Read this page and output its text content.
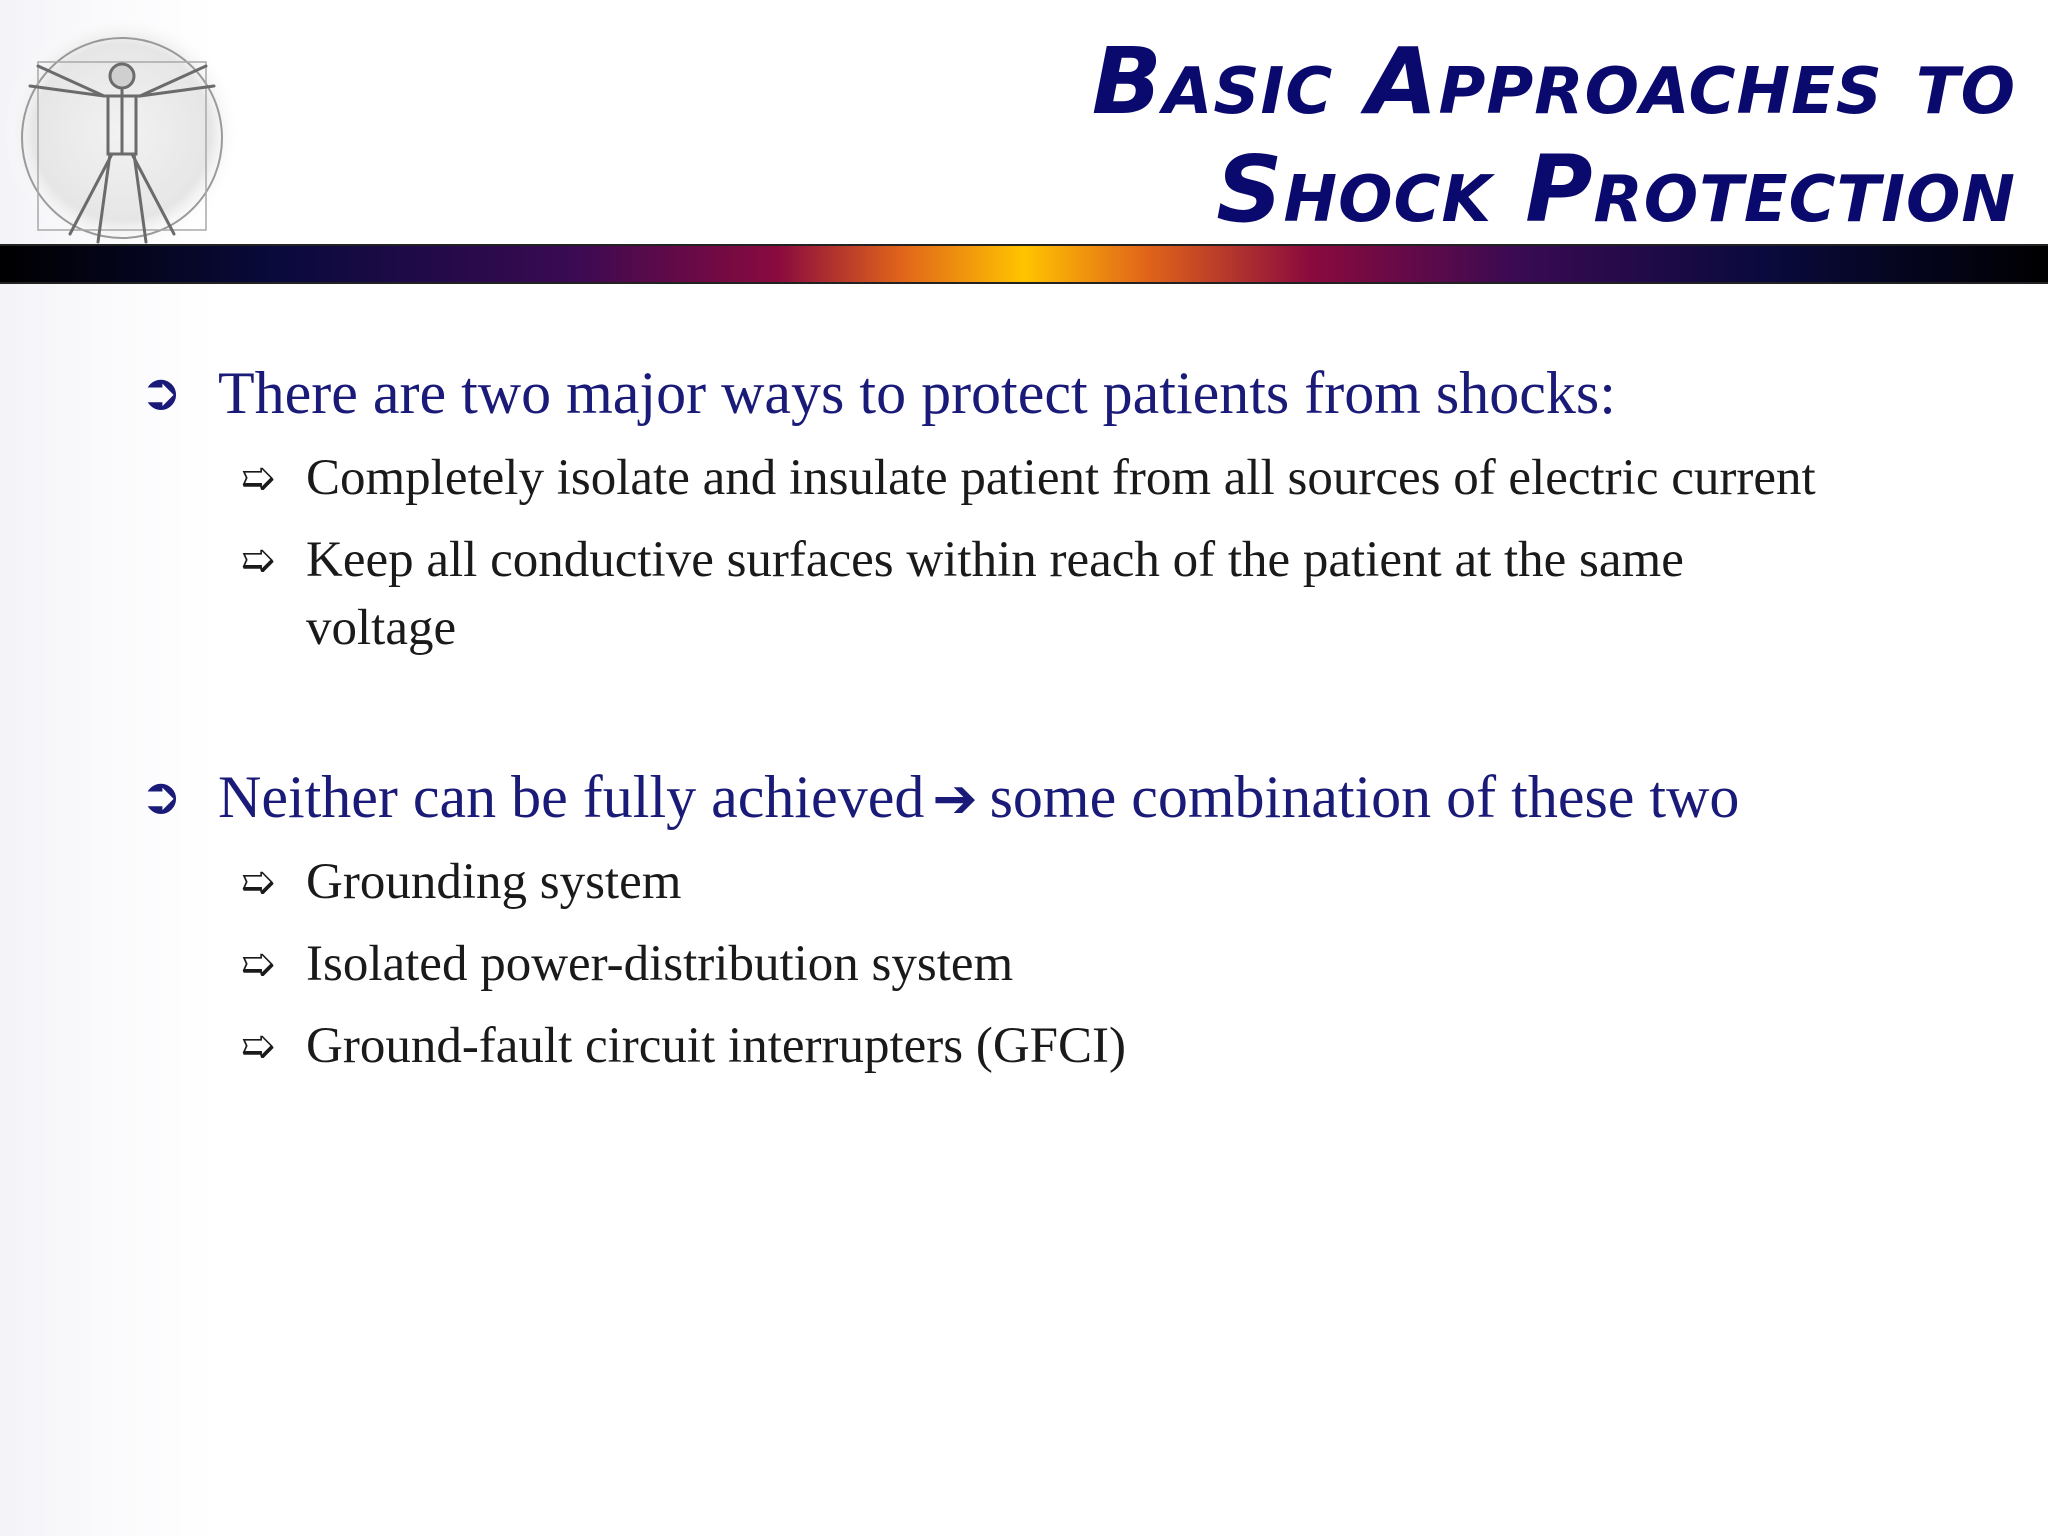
Basic Approaches to
Shock Protection
➲ There are two major ways to protect patients from shocks:
➯ Completely isolate and insulate patient from all sources of electric current
➯ Keep all conductive surfaces within reach of the patient at the same voltage
➲ Neither can be fully achieved ➔ some combination of these two
➯ Grounding system
➯ Isolated power-distribution system
➯ Ground-fault circuit interrupters (GFCI)
